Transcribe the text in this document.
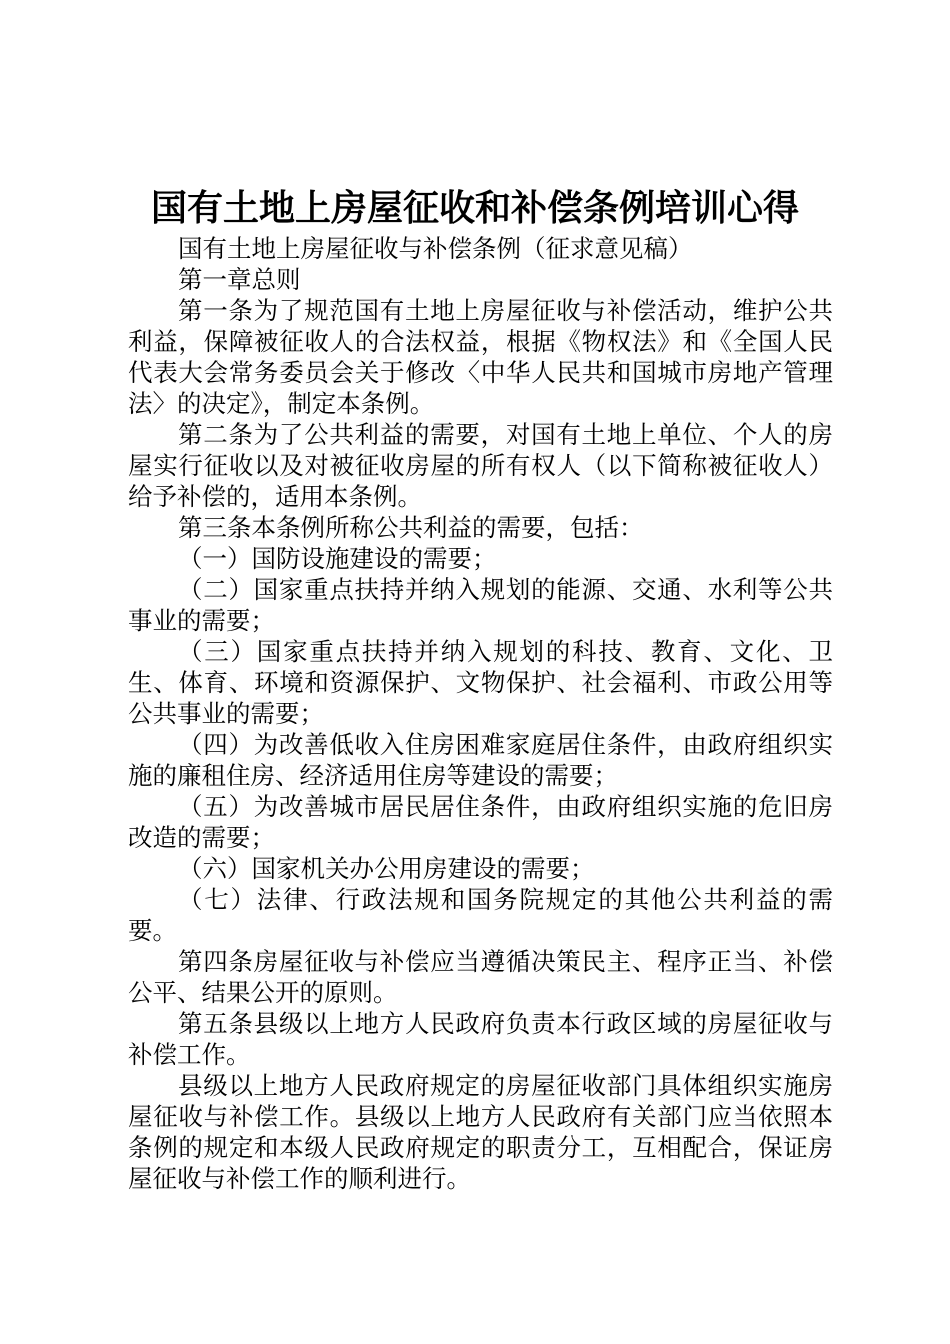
国有土地上房屋征收和补偿条例培训心得

国有土地上房屋征收与补偿条例（征求意见稿）

第一章总则

第一条为了规范国有土地上房屋征收与补偿活动，维护公共利益，保障被征收人的合法权益，根据《物权法》和《全国人民代表大会常务委员会关于修改〈中华人民共和国城市房地产管理法〉的决定》，制定本条例。

第二条为了公共利益的需要，对国有土地上单位、个人的房屋实行征收以及对被征收房屋的所有权人（以下简称被征收人）给予补偿的，适用本条例。

第三条本条例所称公共利益的需要，包括：

（一）国防设施建设的需要；

（二）国家重点扶持并纳入规划的能源、交通、水利等公共事业的需要；

（三）国家重点扶持并纳入规划的科技、教育、文化、卫生、体育、环境和资源保护、文物保护、社会福利、市政公用等公共事业的需要；

（四）为改善低收入住房困难家庭居住条件，由政府组织实施的廉租住房、经济适用住房等建设的需要；

（五）为改善城市居民居住条件，由政府组织实施的危旧房改造的需要；

（六）国家机关办公用房建设的需要；

（七）法律、行政法规和国务院规定的其他公共利益的需要。

第四条房屋征收与补偿应当遵循决策民主、程序正当、补偿公平、结果公开的原则。

第五条县级以上地方人民政府负责本行政区域的房屋征收与补偿工作。

县级以上地方人民政府规定的房屋征收部门具体组织实施房屋征收与补偿工作。县级以上地方人民政府有关部门应当依照本条例的规定和本级人民政府规定的职责分工，互相配合，保证房屋征收与补偿工作的顺利进行。
